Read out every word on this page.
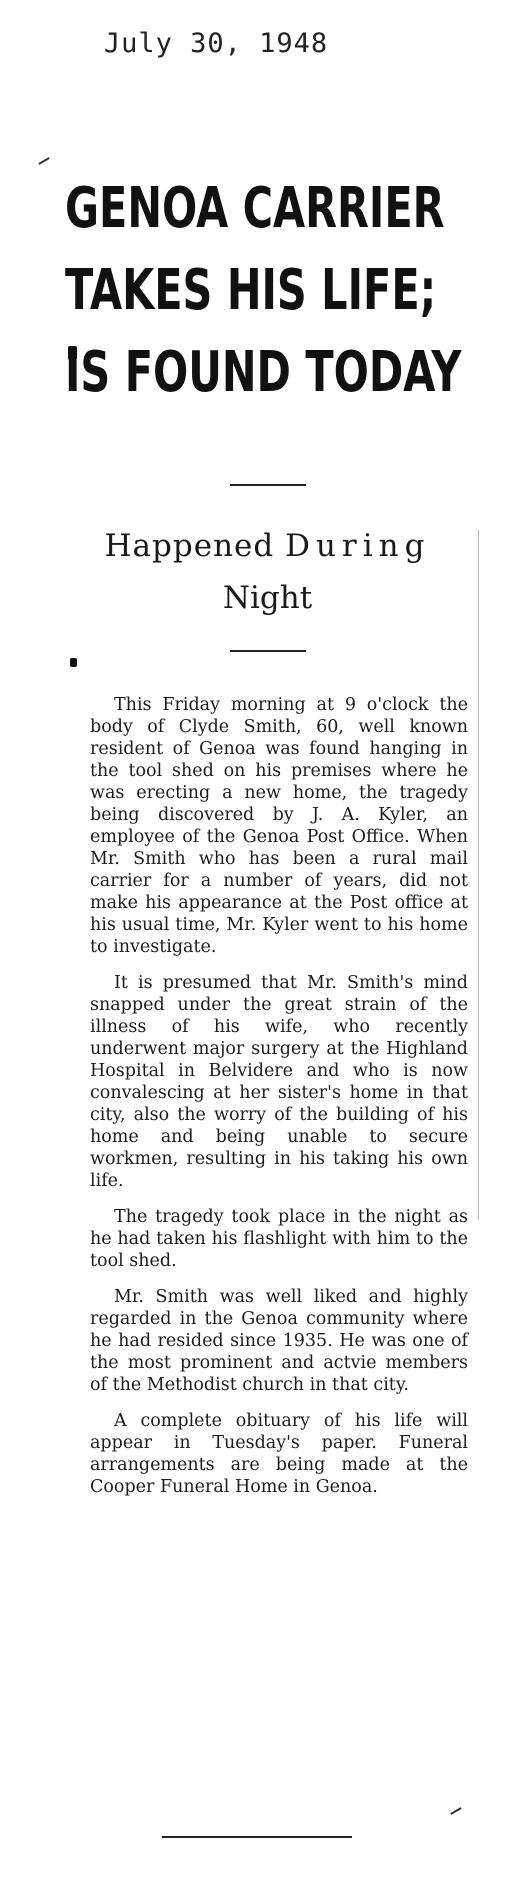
July 30, 1948
GENOA CARRIER
TAKES HIS LIFE;
IS FOUND TODAY
Happened During
Night

This Friday morning at 9 o'clock the body of Clyde Smith, 60, well known resident of Genoa was found hanging in the tool shed on his premises where he was erecting a new home, the tragedy being discovered by J. A. Kyler, an employee of the Genoa Post Office. When Mr. Smith who has been a rural mail carrier for a number of years, did not make his appearance at the Post office at his usual time, Mr. Kyler went to his home to investigate.

It is presumed that Mr. Smith's mind snapped under the great strain of the illness of his wife, who recently underwent major surgery at the Highland Hospital in Belvidere and who is now convalescing at her sister's home in that city, also the worry of the building of his home and being unable to secure workmen, resulting in his taking his own life.

The tragedy took place in the night as he had taken his flashlight with him to the tool shed.

Mr. Smith was well liked and highly regarded in the Genoa community where he had resided since 1935. He was one of the most prominent and actvie members of the Methodist church in that city.

A complete obituary of his life will appear in Tuesday's paper. Funeral arrangements are being made at the Cooper Funeral Home in Genoa.
